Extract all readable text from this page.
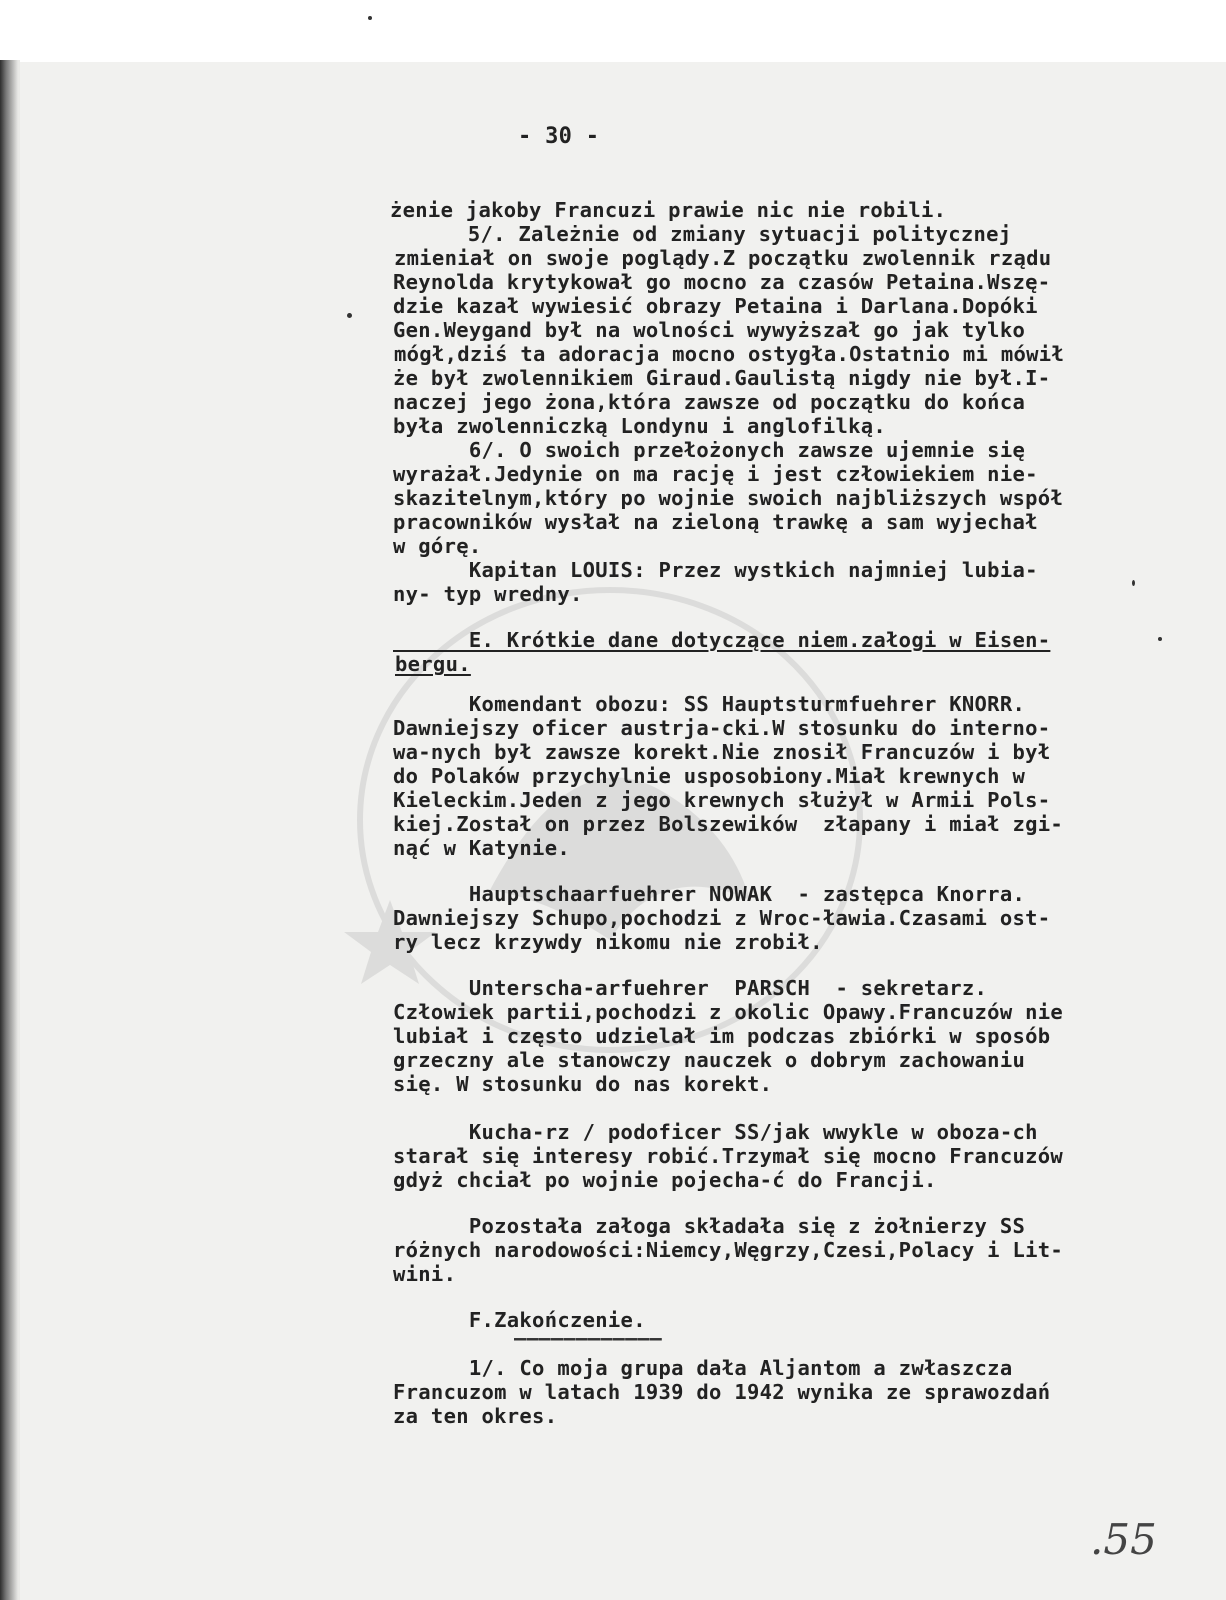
- 30 -

żenie jakoby Francuzi prawie nic nie robili.

5/. Zależnie od zmiany sytuacji politycznej

zmieniał on swoje poglądy.Z początku zwolennik rządu

Reynolda krytykował go mocno za czasów Petaina.Wszę-

dzie kazał wywiesić obrazy Petaina i Darlana.Dopóki

Gen.Weygand był na wolności wywyższał go jak tylko

mógł,dziś ta adoracja mocno ostygła.Ostatnio mi mówił

że był zwolennikiem Giraud.Gaulistą nigdy nie był.I-

naczej jego żona,która zawsze od początku do końca

była zwolenniczką Londynu i anglofilką.

6/. O swoich przełożonych zawsze ujemnie się

wyrażał.Jedynie on ma rację i jest człowiekiem nie-

skazitelnym,który po wojnie swoich najbliższych współ

pracowników wysłał na zieloną trawkę a sam wyjechał

w górę.

Kapitan LOUIS: Przez wystkich najmniej lubia-

ny- typ wredny.

E. Krótkie dane dotyczące niem.załogi w Eisen-

bergu.

Komendant obozu: SS Hauptsturmfuehrer KNORR.

Dawniejszy oficer austrja-cki.W stosunku do interno-

wa-nych był zawsze korekt.Nie znosił Francuzów i był

do Polaków przychylnie usposobiony.Miał krewnych w

Kieleckim.Jeden z jego krewnych służył w Armii Pols-

kiej.Został on przez Bolszewików  złapany i miał zgi-

nąć w Katynie.

Hauptschaarfuehrer NOWAK  - zastępca Knorra.

Dawniejszy Schupo,pochodzi z Wroc-ławia.Czasami ost-

ry lecz krzywdy nikomu nie zrobił.

Unterscha-arfuehrer  PARSCH  - sekretarz.

Człowiek partii,pochodzi z okolic Opawy.Francuzów nie

lubiał i często udzielał im podczas zbiórki w sposób

grzeczny ale stanowczy nauczek o dobrym zachowaniu

się. W stosunku do nas korekt.

Kucha-rz / podoficer SS/jak wwykle w oboza-ch

starał się interesy robić.Trzymał się mocno Francuzów

gdyż chciał po wojnie pojecha-ć do Francji.

Pozostała załoga składała się z żołnierzy SS

różnych narodowości:Niemcy,Węgrzy,Czesi,Polacy i Lit-

wini.

F.Zakończenie.

————————————

1/. Co moja grupa dała Aljantom a zwłaszcza

Francuzom w latach 1939 do 1942 wynika ze sprawozdań

za ten okres.

.55
